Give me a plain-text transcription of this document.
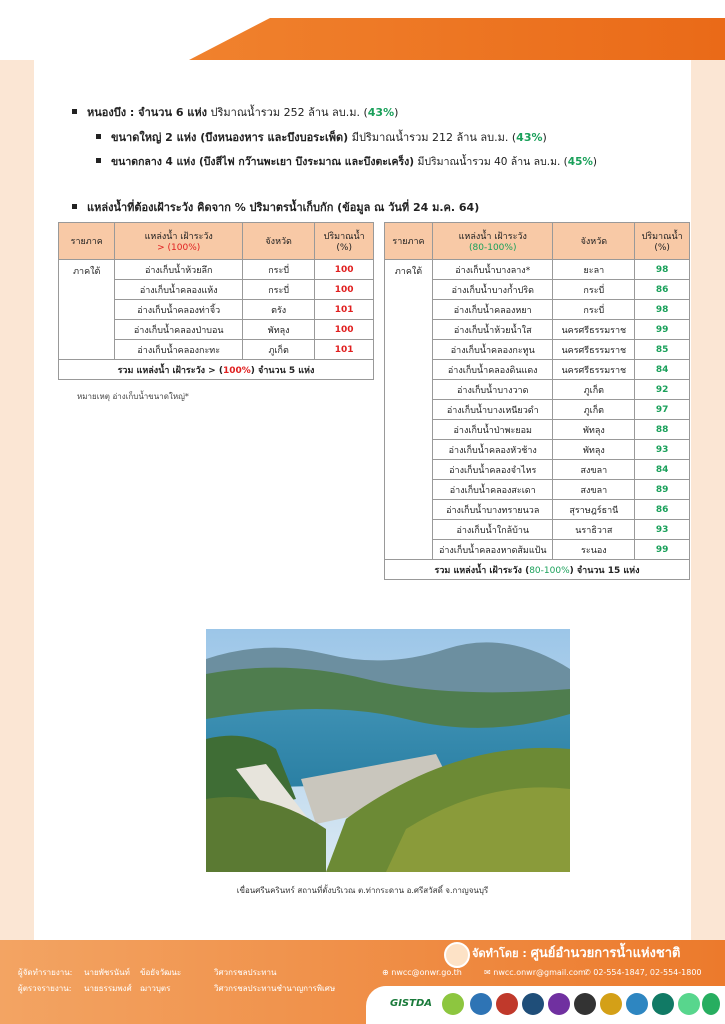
หนองบึง : จำนวน 6 แห่ง ปริมาณน้ำรวม 252 ล้าน ลบ.ม. (43%)
ขนาดใหญ่ 2 แห่ง (บึงหนองหาร และบึงบอระเพ็ด) มีปริมาณน้ำรวม 212 ล้าน ลบ.ม. (43%)
ขนาดกลาง 4 แห่ง (บึงสีไฟ กว๊านพะเยา บึงระมาณ และบึงตะเคร็ง) มีปริมาณน้ำรวม 40 ล้าน ลบ.ม. (45%)
แหล่งน้ำที่ต้องเฝ้าระวัง คิดจาก % ปริมาตรน้ำเก็บกัก (ข้อมูล ณ วันที่ 24 ม.ค. 64)
รายภาค	แหล่งน้ำ เฝ้าระวัง
> (100%)	จังหวัด	ปริมาณน้ำ
(%)
ภาคใต้	อ่างเก็บน้ำห้วยลึก	กระบี่	100
	อ่างเก็บน้ำคลองแห้ง	กระบี่	100
	อ่างเก็บน้ำคลองท่าจิ้ว	ตรัง	101
	อ่างเก็บน้ำคลองป่าบอน	พัทลุง	100
	อ่างเก็บน้ำคลองกะทะ	ภูเก็ต	101
รวม แหล่งน้ำ เฝ้าระวัง > (100%) จำนวน 5 แห่ง			
หมายเหตุ อ่างเก็บน้ำขนาดใหญ่*
รายภาค	แหล่งน้ำ เฝ้าระวัง
(80-100%)	จังหวัด	ปริมาณน้ำ
(%)
ภาคใต้	อ่างเก็บน้ำบางลาง*	ยะลา	98
	อ่างเก็บน้ำบางก้ำปริด	กระบี่	86
	อ่างเก็บน้ำคลองหยา	กระบี่	98
	อ่างเก็บน้ำห้วยน้ำใส	นครศรีธรรมราช	99
	อ่างเก็บน้ำคลองกะทูน	นครศรีธรรมราช	85
	อ่างเก็บน้ำคลองดินแดง	นครศรีธรรมราช	84
	อ่างเก็บน้ำบางวาด	ภูเก็ต	92
	อ่างเก็บน้ำบางเหนียวดำ	ภูเก็ต	97
	อ่างเก็บน้ำป่าพะยอม	พัทลุง	88
	อ่างเก็บน้ำคลองหัวช้าง	พัทลุง	93
	อ่างเก็บน้ำคลองจำไหร	สงขลา	84
	อ่างเก็บน้ำคลองสะเดา	สงขลา	89
	อ่างเก็บน้ำบางทรายนวล	สุราษฎร์ธานี	86
	อ่างเก็บน้ำใกล้บ้าน	นราธิวาส	93
	อ่างเก็บน้ำคลองหาดส้มแป้น	ระนอง	99
รวม แหล่งน้ำ เฝ้าระวัง (80-100%) จำนวน 15 แห่ง			
เขื่อนศรีนครินทร์ สถานที่ตั้งบริเวณ ต.ท่ากระดาน อ.ศรีสวัสดิ์ จ.กาญจนบุรี
ผู้จัดทำรายงาน: นายพัชรนันท์ ข้อยัจวัฒนะ	วิศวกรชลประทาน
ผู้ตรวจรายงาน: นายธรรมพงศ์ ฌาวบุตร	วิศวกรชลประทานชำนาญการพิเศษ
จัดทำโดย : ศูนย์อำนวยการน้ำแห่งชาติ
⊕ nwcc@onwr.go.th	✉ nwcc.onwr@gmail.com
✆ 02-554-1847, 02-554-1800
GISTDA
